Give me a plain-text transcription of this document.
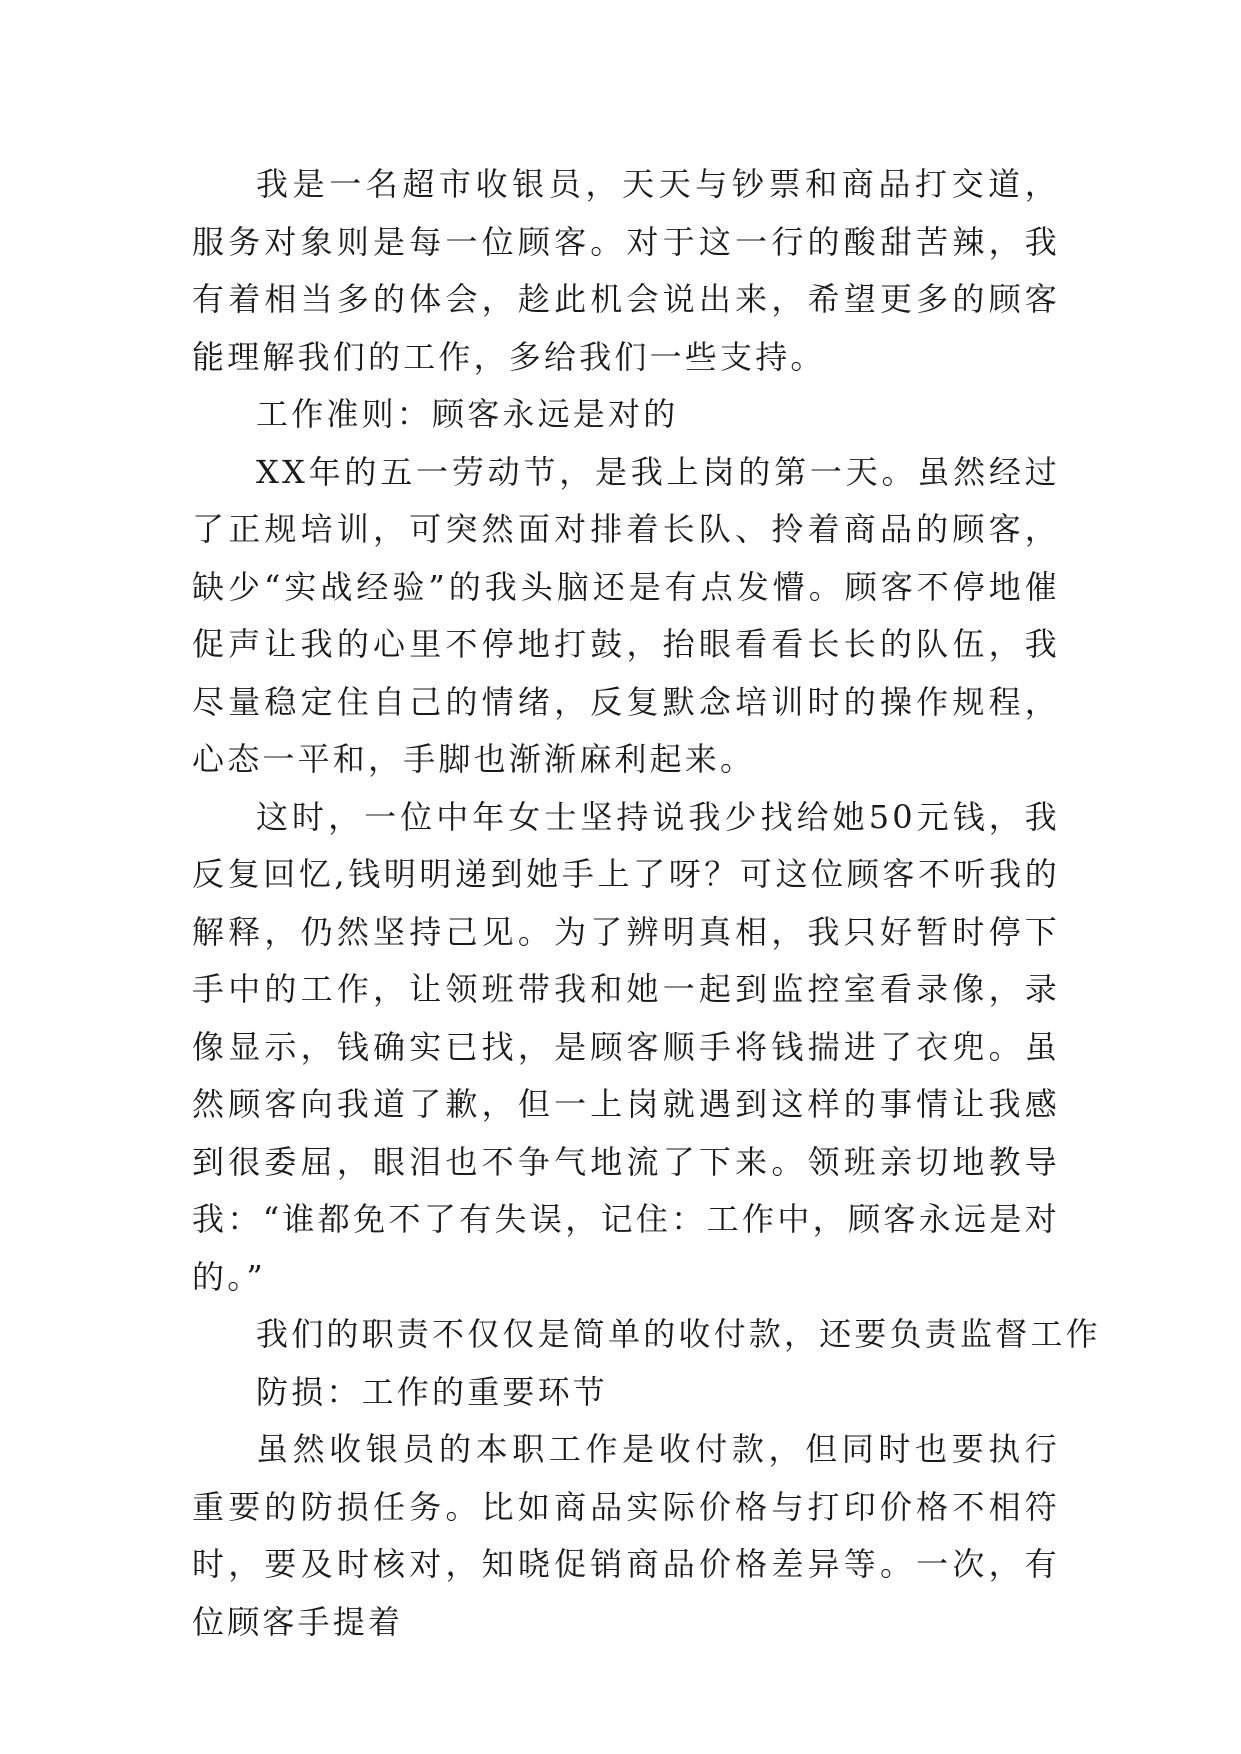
我是一名超市收银员，天天与钞票和商品打交道，服务对象则是每一位顾客。对于这一行的酸甜苦辣，我有着相当多的体会，趁此机会说出来，希望更多的顾客能理解我们的工作，多给我们一些支持。

工作准则：顾客永远是对的

XX年的五一劳动节，是我上岗的第一天。虽然经过了正规培训，可突然面对排着长队、拎着商品的顾客，缺少“实战经验”的我头脑还是有点发懵。顾客不停地催促声让我的心里不停地打鼓，抬眼看看长长的队伍，我尽量稳定住自己的情绪，反复默念培训时的操作规程，心态一平和，手脚也渐渐麻利起来。

这时，一位中年女士坚持说我少找给她50元钱，我反复回忆,钱明明递到她手上了呀？可这位顾客不听我的解释，仍然坚持己见。为了辨明真相，我只好暂时停下手中的工作，让领班带我和她一起到监控室看录像，录像显示，钱确实已找，是顾客顺手将钱揣进了衣兜。虽然顾客向我道了歉，但一上岗就遇到这样的事情让我感到很委屈，眼泪也不争气地流了下来。领班亲切地教导我：“谁都免不了有失误，记住：工作中，顾客永远是对的。”

我们的职责不仅仅是简单的收付款，还要负责监督工作

防损：工作的重要环节

虽然收银员的本职工作是收付款，但同时也要执行重要的防损任务。比如商品实际价格与打印价格不相符时，要及时核对，知晓促销商品价格差异等。一次，有位顾客手提着
